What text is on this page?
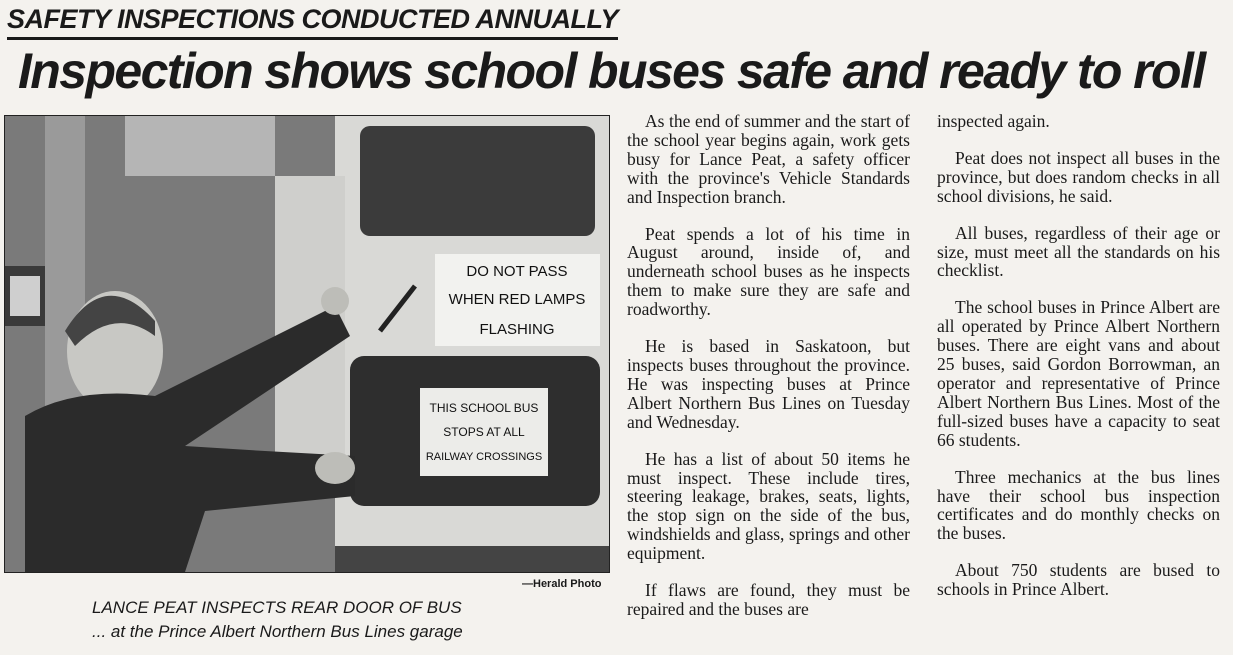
SAFETY INSPECTIONS CONDUCTED ANNUALLY
Inspection shows school buses safe and ready to roll
DO NOT PASS
WHEN RED LAMPS
FLASHING
THIS SCHOOL BUS
STOPS AT ALL
RAILWAY CROSSINGS
—Herald Photo
LANCE PEAT INSPECTS REAR DOOR OF BUS
... at the Prince Albert Northern Bus Lines garage

As the end of summer and the start of the school year begins again, work gets busy for Lance Peat, a safety officer with the province's Vehicle Standards and Inspection branch.

Peat spends a lot of his time in August around, inside of, and underneath school buses as he inspects them to make sure they are safe and roadworthy.

He is based in Saskatoon, but inspects buses throughout the province. He was inspecting buses at Prince Albert Northern Bus Lines on Tuesday and Wednesday.

He has a list of about 50 items he must inspect. These include tires, steering leakage, brakes, seats, lights, the stop sign on the side of the bus, windshields and glass, springs and other equipment.

If flaws are found, they must be repaired and the buses are

inspected again.

Peat does not inspect all buses in the province, but does random checks in all school divisions, he said.

All buses, regardless of their age or size, must meet all the standards on his checklist.

The school buses in Prince Albert are all operated by Prince Albert Northern buses. There are eight vans and about 25 buses, said Gordon Borrowman, an operator and representative of Prince Albert Northern Bus Lines. Most of the full-sized buses have a capacity to seat 66 students.

Three mechanics at the bus lines have their school bus inspection certificates and do monthly checks on the buses.

About 750 students are bused to schools in Prince Albert.
